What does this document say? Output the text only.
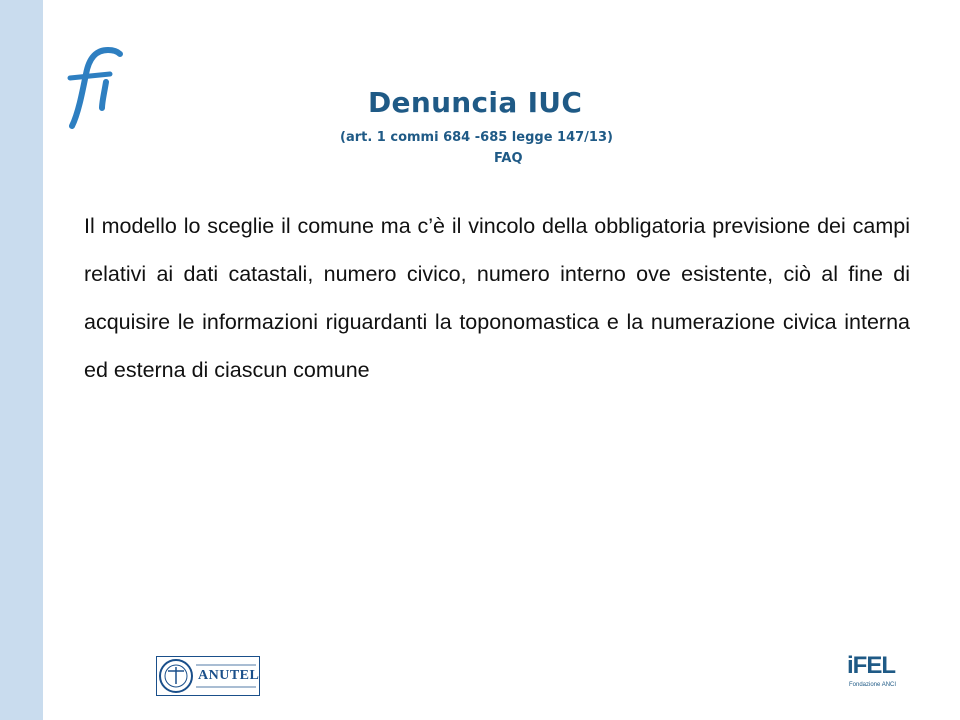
Denuncia IUC
(art. 1 commi 684 -685 legge 147/13)
FAQ

Il modello lo sceglie il comune ma c’è il vincolo della obbligatoria previsione dei campi relativi ai dati catastali, numero civico, numero interno ove esistente, ciò al fine di acquisire le informazioni riguardanti la toponomastica e la numerazione civica interna ed esterna di ciascun comune

ANUTEL	iFEL
Fondazione ANCI
